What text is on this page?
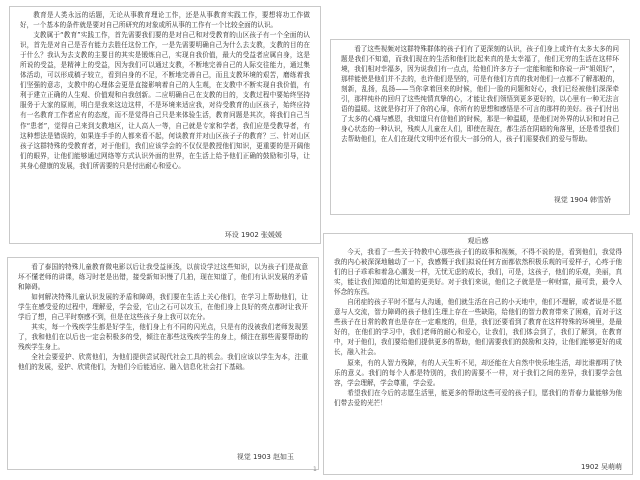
教育是人类永远的话题，无论从事教育理论工作，还是从事教育实践工作，要想将功工作做好，一个基本的条件就是要对自己所研究的对象或所从事的工作有一个比较全面的认识。

支教属于“教育”实践工作，首先需要我们要的是对自己和对受教育的山区孩子有一个全面的认识，首先是对自己是否有能力去胜任这份工作，一是先需要明确自己为什么去支教，支教的目的在于什么？我认为去支教的主要目的其实是锻炼自己，实现自我价值，最大的受益者应属自身，这是所说的受益，是精神上的受益，因为我们可以通过支教，不断地完善自己的人际交往能力，通过集体活动，可以形成稿子较立，看到自身的不足，不断地完善自己，而且支教环境的艰苦，磨练着我们坚强的意志，支教中的心理体会更是直接影响着自己的人生观，在支教中不断实现自我价值，有利于建立正确的人生观、价值观和自我创新。二应明确自己在支教的目的，支教过程中要始终坚持服务于大家的原则，明白是我来这边这样，不是环境来适应我，对待受教育的山区孩子，始终应持有一名教育工作者应有的态度，而不是觉得自己只是来体验生活，教育问题是其次，将我们自己当作“患者”，觉得自己来到支教地区，让人高人一等，自己就是专家和学者，我们应是受教导者，有这种想法是错误的，如果连手手的人都来看不起，何谈教育并对山区孩子子的教育？三、针对山区孩子这群特殊的受教育者，对于他们，我们应该学会的不仅仅是教授他们知识，更重要的是开阔他们的眼界，让他们能够通过网络等方式认识外面的世界，在生活上给予他们正确的鼓励和引导，让其身心健康的发展，我们所需要的只是付出耐心和爱心。

环设 1902 张媛媛

看了这些视频对这群特殊群体的孩子们有了更深刻的认识，孩子们身上或许有太多太多的问题是我们不知道，而我们现在的生活和他们比起来真的是太幸福了，他们无穷的生活在这样环境，我们相对幸福多，因为说我们有一点点，给他们许多方子一定能和能和你说一声“姐姐好”，那样能使是他们并不去的，也许他们是坚的，可是有他们方真的我对他们一点都不了解那般的，刻新，乱扬，乱扬——当你拿着回来的时候，他们一脸的问题和好心，我们已经被他们深深牵引，那样纯朴的回归了这些纯情真挚的心，才能让我们领悟到更多更好的，以心里有一种无法言语的温暖。这就是你打开了你的心扉，你所有的思想和感悟是不可言的那样的美好。孩子们付出了太多的心痛与感恩，我知道只有信他们的时候，那是一种温暖，是他们对外界的认识和对自己身心状态的一种认识，残疾人儿童在人们，即使在现在，都生活在阴暗的角落里，还是希望我们去帮助他们，在人们在现代文明中还有很大一部分的人，孩子们需要我们的爱与帮助。

视觉 1904 韩雪娇

看了泰国的特殊儿童教育微电影以后让我受益匪浅，以前设学过这些知识，以为孩子们是故意坏不懂老师的讲课，练习时老是出错，接受新知识慢了几拍，现在知道了，他们有认识发展的矛盾和障碍。

如何解决特殊儿童认识发展的矛盾和障碍，我们要在生活上关心他们，在学习上帮助他们，让学生在感受爱的过程中，理解爱，学会爱，它山之石可以攻玉，在他们身上良好的亮点都时让我开学后了想，自己平时察感不到，但是在这些孩子身上我可以充分。

其实，每一个残疾学生都是好学生，他们身上有不同的闪光点，只是有的没被我们老师发现罢了，我和他们在以后也一定会积极多的受，倾注在那些这残疾学生的身上，倾注在那些需要帮助的残疾学生身上。

全社会要爱护、欣赏他们，为他们提供尝试现代社会工具的机会。我们应该以学生为本，注重他们的发展，爱护、欣赏他们，为他们今后能适应、融入信息化社会打下基础。

视觉 1903 赵如玉
观后感

今天，我看了一些关于特教中心那些孩子们的故事和视频，不得不说的是，看到他们，我觉得我的内心被深深地触动了一下，我感慨于我们拟说任何方面都依然积极乐观的可爱样子，心疼于他们的日子乖乖和着急心潮发一样，无忧无虑的成长，我们，可是，这孩子，他们的乐观，美丽，真实，能让我们知道的比知道的更美好。对于我们来说，他们之子就是是一种财富，最可贵，最令人怀念的东西。

自闭症的孩子平时不愿与人沟通，他们就生活在自己的小天地中，他们不理解，或者说是不愿意与人交流，智力障碍的孩子他们生理上存在一些缺陷，给他们的智力教育带来了困难，而对于这些孩子在日常的教育也是存在一定难度的，但是，我们还要看到了教育在这样特殊的环境里，是最好的，在他们的学习中，我们老师的耐心和爱心，让我们，我们体会到了，我们了解到，在教育中，对于他们，我们要给他们提供更多的帮助，他们需要我们的鼓励和支持，让他们能够更好的成长，融入社会。

原来，有的人智力残障，有的人天生听不见，却还能在大自然中快乐地生活，却比谁都明了快乐的意义。我们的每个人都是特别的，我们的需要不一样，对于我们之间的差异，我们要学会包容，学会理解，学会尊重，学会爱。

希望我们在今后的志愿生活里，能更多的帮助这些可爱的孩子们，愿我们的青春力量能够为他们带去爱的光芒！

1902 吴萌萌
1
